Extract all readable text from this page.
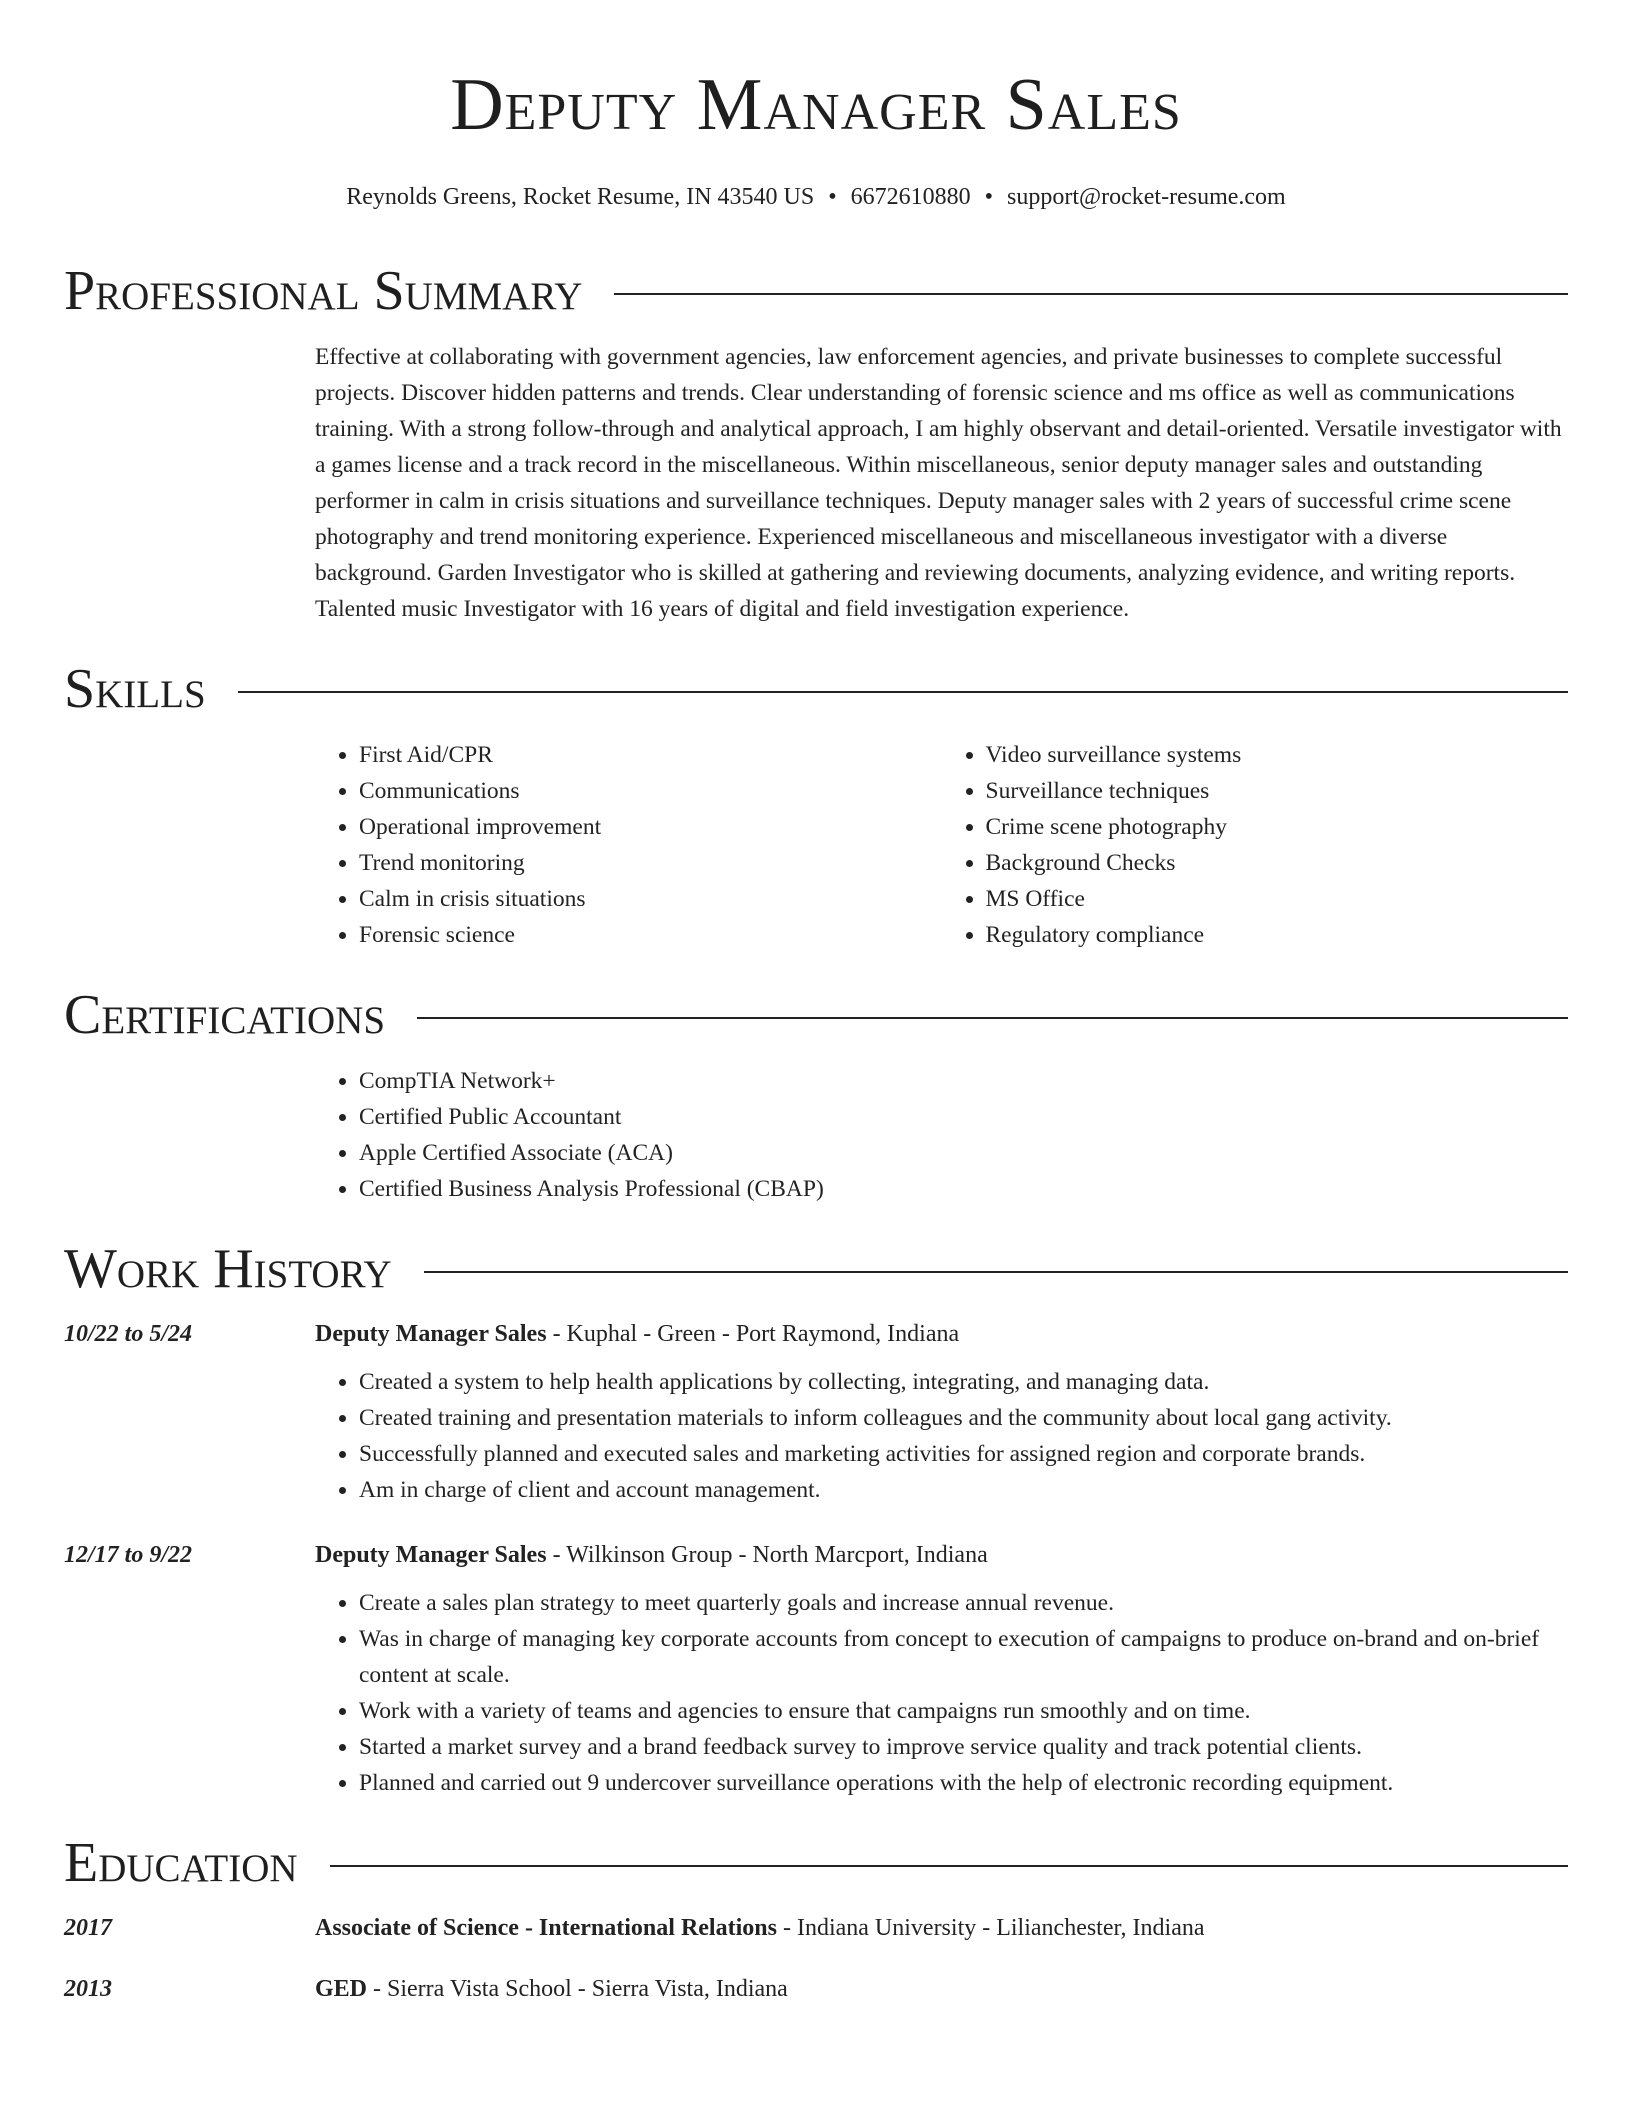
Deputy Manager Sales
Reynolds Greens, Rocket Resume, IN 43540 US • 6672610880 • support@rocket-resume.com
Professional Summary

Effective at collaborating with government agencies, law enforcement agencies, and private businesses to complete successful projects. Discover hidden patterns and trends. Clear understanding of forensic science and ms office as well as communications training. With a strong follow-through and analytical approach, I am highly observant and detail-oriented. Versatile investigator with a games license and a track record in the miscellaneous. Within miscellaneous, senior deputy manager sales and outstanding performer in calm in crisis situations and surveillance techniques. Deputy manager sales with 2 years of successful crime scene photography and trend monitoring experience. Experienced miscellaneous and miscellaneous investigator with a diverse background. Garden Investigator who is skilled at gathering and reviewing documents, analyzing evidence, and writing reports. Talented music Investigator with 16 years of digital and field investigation experience.

Skills
• First Aid/CPR
• Communications
• Operational improvement
• Trend monitoring
• Calm in crisis situations
• Forensic science
• Video surveillance systems
• Surveillance techniques
• Crime scene photography
• Background Checks
• MS Office
• Regulatory compliance
Certifications
• CompTIA Network+
• Certified Public Accountant
• Apple Certified Associate (ACA)
• Certified Business Analysis Professional (CBAP)
Work History
10/22 to 5/24	Deputy Manager Sales - Kuphal - Green - Port Raymond, Indiana
• Created a system to help health applications by collecting, integrating, and managing data.
• Created training and presentation materials to inform colleagues and the community about local gang activity.
• Successfully planned and executed sales and marketing activities for assigned region and corporate brands.
• Am in charge of client and account management.
12/17 to 9/22	Deputy Manager Sales - Wilkinson Group - North Marcport, Indiana
• Create a sales plan strategy to meet quarterly goals and increase annual revenue.
• Was in charge of managing key corporate accounts from concept to execution of campaigns to produce on-brand and on-brief content at scale.
• Work with a variety of teams and agencies to ensure that campaigns run smoothly and on time.
• Started a market survey and a brand feedback survey to improve service quality and track potential clients.
• Planned and carried out 9 undercover surveillance operations with the help of electronic recording equipment.
Education
2017	Associate of Science - International Relations - Indiana University - Lilianchester, Indiana
2013	GED - Sierra Vista School - Sierra Vista, Indiana
